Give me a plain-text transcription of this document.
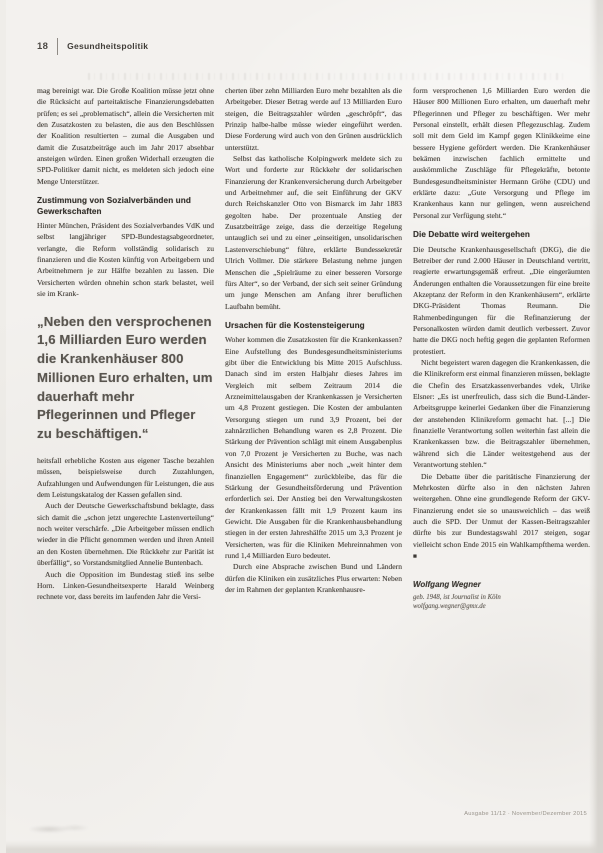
18 Gesundheitspolitik

mag bereinigt war. Die Große Koalition müsse jetzt ohne die Rücksicht auf parteitaktische Finanzierungsdebatten prüfen; es sei „problematisch“, allein die Versicherten mit den Zusatzkosten zu belasten, die aus den Beschlüssen der Koalition resultierten – zumal die Ausgaben und damit die Zusatzbeiträge auch im Jahr 2017 absehbar ansteigen würden. Einen großen Widerhall erzeugten die SPD-Politiker damit nicht, es meldeten sich jedoch eine Menge Unterstützer.

Zustimmung von Sozialverbänden und Gewerkschaften

Hinter München, Präsident des Sozialverbandes VdK und selbst langjähriger SPD-Bundestagsabgeordneter, verlangte, die Reform vollständig solidarisch zu finanzieren und die Kosten künftig von Arbeitgebern und Arbeitnehmern je zur Hälfte bezahlen zu lassen. Die Versicherten würden ohnehin schon stark belastet, weil sie im Krank-

„Neben den versprochenen 1,6 Milliarden Euro werden die Krankenhäuser 800 Millionen Euro erhalten, um dauerhaft mehr Pflegerinnen und Pfleger zu beschäftigen.“

heitsfall erhebliche Kosten aus eigener Tasche bezahlen müssen, beispielsweise durch Zuzahlungen, Aufzahlungen und Aufwendungen für Leistungen, die aus dem Leistungskatalog der Kassen gefallen sind.

Auch der Deutsche Gewerkschaftsbund beklagte, dass sich damit die „schon jetzt ungerechte Lastenverteilung“ noch weiter verschärfe. „Die Arbeitgeber müssen endlich wieder in die Pflicht genommen werden und ihren Anteil an den Kosten übernehmen. Die Rückkehr zur Parität ist überfällig“, so Vorstandsmitglied Annelie Buntenbach.

Auch die Opposition im Bundestag stieß ins selbe Horn. Linken-Gesundheitsexperte Harald Weinberg rechnete vor, dass bereits im laufenden Jahr die Versi-

cherten über zehn Milliarden Euro mehr bezahlten als die Arbeitgeber. Dieser Betrag werde auf 13 Milliarden Euro steigen, die Beitragszahler würden „geschröpft“, das Prinzip halbe-halbe müsse wieder eingeführt werden. Diese Forderung wird auch von den Grünen ausdrücklich unterstützt.

Selbst das katholische Kolpingwerk meldete sich zu Wort und forderte zur Rückkehr der solidarischen Finanzierung der Krankenversicherung durch Arbeitgeber und Arbeitnehmer auf, die seit Einführung der GKV durch Reichskanzler Otto von Bismarck im Jahr 1883 gegolten habe. Der prozentuale Anstieg der Zusatzbeiträge zeige, dass die derzeitige Regelung untauglich sei und zu einer „einseitigen, unsolidarischen Lastenverschiebung“ führe, erklärte Bundessekretär Ulrich Vollmer. Die stärkere Belastung nehme jungen Menschen die „Spielräume zu einer besseren Vorsorge fürs Alter“, so der Verband, der sich seit seiner Gründung um junge Menschen am Anfang ihrer beruflichen Laufbahn bemüht.

Ursachen für die Kostensteigerung

Woher kommen die Zusatzkosten für die Krankenkassen? Eine Aufstellung des Bundesgesundheitsministeriums gibt über die Entwicklung bis Mitte 2015 Aufschluss. Danach sind im ersten Halbjahr dieses Jahres im Vergleich mit selbem Zeitraum 2014 die Arzneimittelausgaben der Krankenkassen je Versicherten um 4,8 Prozent gestiegen. Die Kosten der ambulanten Versorgung stiegen um rund 3,9 Prozent, bei der zahnärztlichen Behandlung waren es 2,8 Prozent. Die Stärkung der Prävention schlägt mit einem Ausgabenplus von 7,0 Prozent je Versicherten zu Buche, was nach Ansicht des Ministeriums aber noch „weit hinter dem finanziellen Engagement“ zurückbleibe, das für die Stärkung der Gesundheitsförderung und Prävention erforderlich sei. Der Anstieg bei den Verwaltungskosten der Krankenkassen fällt mit 1,9 Prozent kaum ins Gewicht. Die Ausgaben für die Krankenhausbehandlung stiegen in der ersten Jahreshälfte 2015 um 3,3 Prozent je Versicherten, was für die Kliniken Mehreinnahmen von rund 1,4 Milliarden Euro bedeutet.

Durch eine Absprache zwischen Bund und Ländern dürfen die Kliniken ein zusätzliches Plus erwarten: Neben der im Rahmen der geplanten Krankenhausre-

form versprochenen 1,6 Milliarden Euro werden die Häuser 800 Millionen Euro erhalten, um dauerhaft mehr Pflegerinnen und Pfleger zu beschäftigen. Wer mehr Personal einstellt, erhält diesen Pflegezuschlag. Zudem soll mit dem Geld im Kampf gegen Klinikkeime eine bessere Hygiene gefördert werden. Die Krankenhäuser bekämen inzwischen fachlich ermittelte und auskömmliche Zuschläge für Pflegekräfte, betonte Bundesgesundheitsminister Hermann Gröhe (CDU) und erklärte dazu: „Gute Versorgung und Pflege im Krankenhaus kann nur gelingen, wenn ausreichend Personal zur Verfügung steht.“

Die Debatte wird weitergehen

Die Deutsche Krankenhausgesellschaft (DKG), die die Betreiber der rund 2.000 Häuser in Deutschland vertritt, reagierte erwartungsgemäß erfreut. „Die eingeräumten Änderungen enthalten die Voraussetzungen für eine breite Akzeptanz der Reform in den Krankenhäusern“, erklärte DKG-Präsident Thomas Reumann. Die Rahmenbedingungen für die Refinanzierung der Personalkosten würden damit deutlich verbessert. Zuvor hatte die DKG noch heftig gegen die geplanten Reformen protestiert.

Nicht begeistert waren dagegen die Krankenkassen, die die Klinikreform erst einmal finanzieren müssen, beklagte die Chefin des Ersatzkassenverbandes vdek, Ulrike Elsner: „Es ist unerfreulich, dass sich die Bund-Länder-Arbeitsgruppe keinerlei Gedanken über die Finanzierung der anstehenden Klinikreform gemacht hat. [...] Die finanzielle Verantwortung sollen weiterhin fast allein die Krankenkassen bzw. die Beitragszahler übernehmen, während sich die Länder weitestgehend aus der Verantwortung stehlen.“

Die Debatte über die paritätische Finanzierung der Mehrkosten dürfte also in den nächsten Jahren weitergehen. Ohne eine grundlegende Reform der GKV-Finanzierung endet sie so unausweichlich – das weiß auch die SPD. Der Unmut der Kassen-Beitragszahler dürfte bis zur Bundestagswahl 2017 steigen, sogar vielleicht schon Ende 2015 ein Wahlkampfthema werden. ■

Wolfgang Wegner
geb. 1948, ist Journalist in Köln
wolfgang.wegner@gmx.de
Ausgabe 11/12 · November/Dezember 2015
